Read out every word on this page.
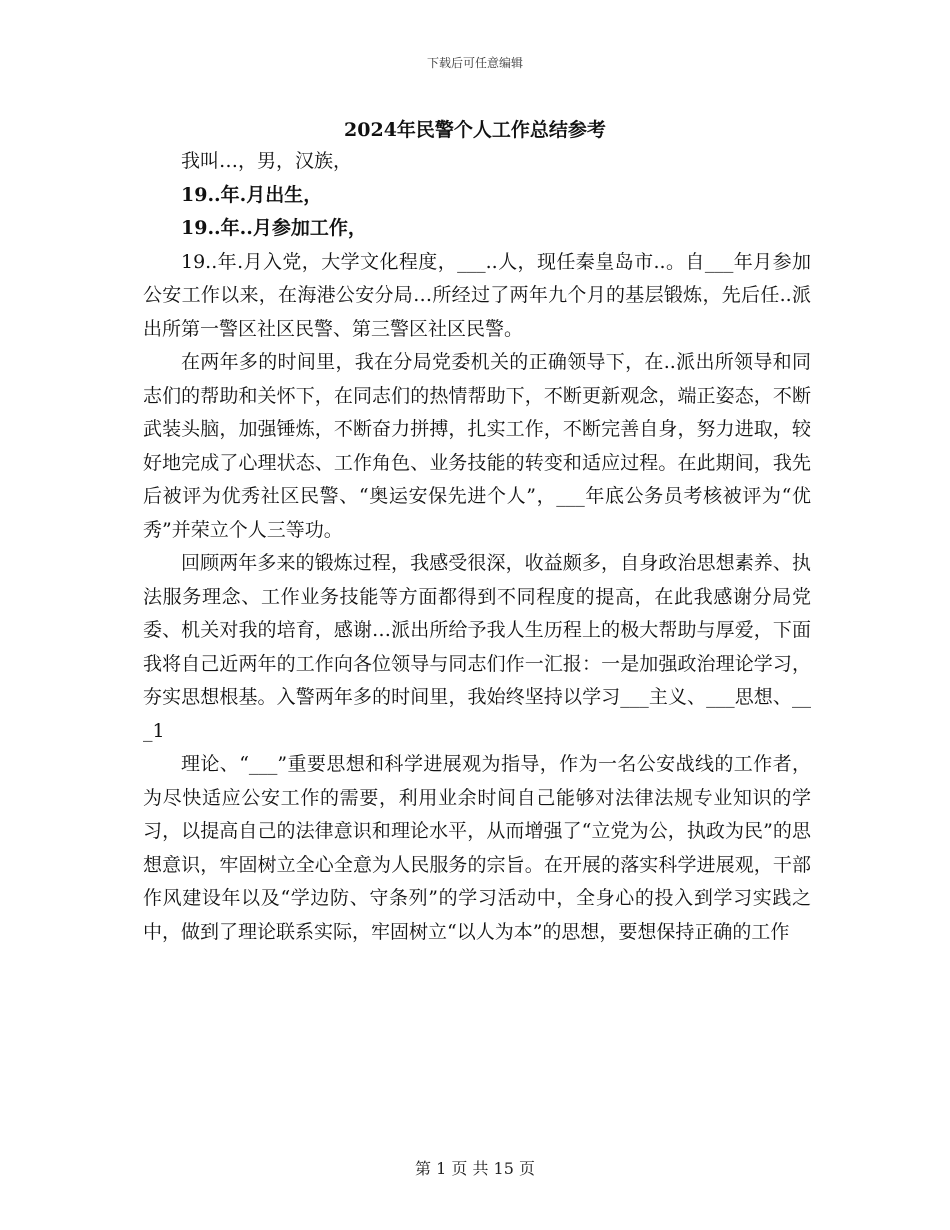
下载后可任意编辑
2024年民警个人工作总结参考

我叫…，男，汉族，

19..年.月出生，

19..年..月参加工作，

19..年.月入党，大学文化程度，___..人，现任秦皇岛市..。自___年月参加公安工作以来，在海港公安分局…所经过了两年九个月的基层锻炼，先后任..派出所第一警区社区民警、第三警区社区民警。

在两年多的时间里，我在分局党委机关的正确领导下，在..派出所领导和同志们的帮助和关怀下，在同志们的热情帮助下，不断更新观念，端正姿态，不断武装头脑，加强锤炼，不断奋力拼搏，扎实工作，不断完善自身，努力进取，较好地完成了心理状态、工作角色、业务技能的转变和适应过程。在此期间，我先后被评为优秀社区民警、“奥运安保先进个人”，___年底公务员考核被评为“优秀”并荣立个人三等功。

回顾两年多来的锻炼过程，我感受很深，收益颇多，自身政治思想素养、执法服务理念、工作业务技能等方面都得到不同程度的提高，在此我感谢分局党委、机关对我的培育，感谢…派出所给予我人生历程上的极大帮助与厚爱，下面我将自己近两年的工作向各位领导与同志们作一汇报：一是加强政治理论学习，夯实思想根基。入警两年多的时间里，我始终坚持以学习___主义、___思想、___1

理论、“___”重要思想和科学进展观为指导，作为一名公安战线的工作者，为尽快适应公安工作的需要，利用业余时间自己能够对法律法规专业知识的学习，以提高自己的法律意识和理论水平，从而增强了“立党为公，执政为民”的思想意识，牢固树立全心全意为人民服务的宗旨。在开展的落实科学进展观，干部作风建设年以及“学边防、守条列”的学习活动中，全身心的投入到学习实践之中，做到了理论联系实际，牢固树立“以人为本”的思想，要想保持正确的工作

第 1 页 共 15 页
